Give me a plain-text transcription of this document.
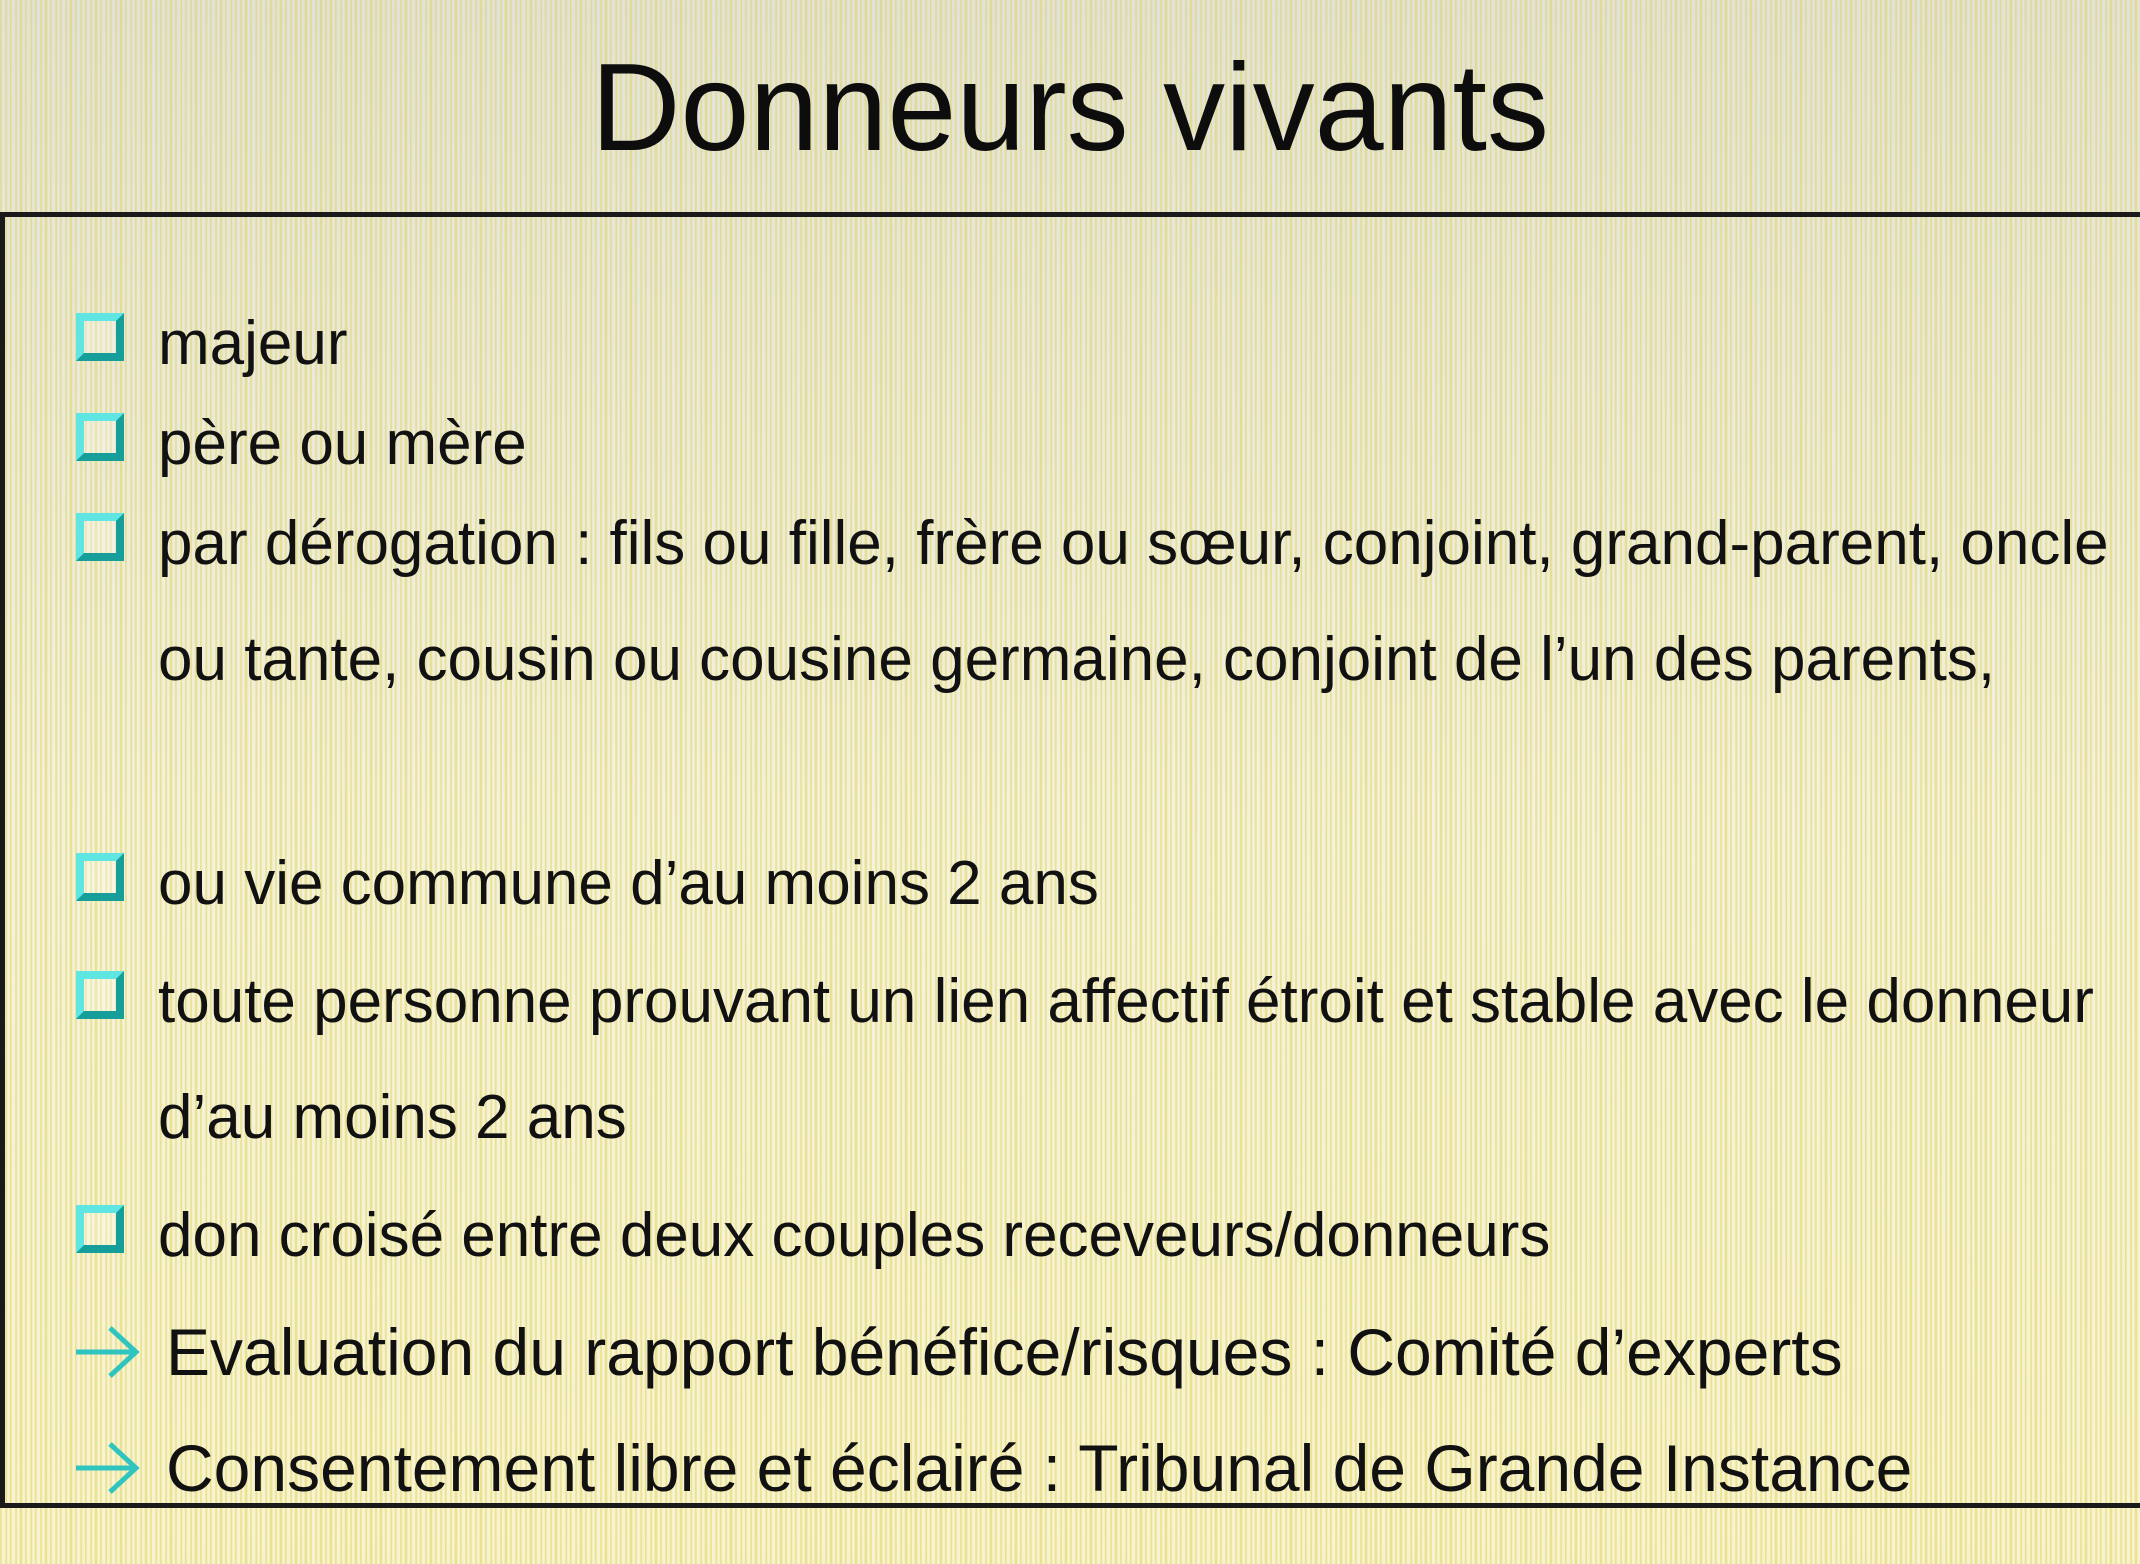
Donneurs vivants
majeur
père ou mère
par dérogation : fils ou fille, frère ou sœur, conjoint, grand-parent, oncle ou tante, cousin ou cousine germaine, conjoint de l’un des parents,
ou vie commune d’au moins 2 ans
toute personne prouvant un lien affectif étroit et stable avec le donneur d’au moins 2 ans
don croisé entre deux couples receveurs/donneurs
Evaluation du rapport bénéfice/risques : Comité d’experts
Consentement libre et éclairé : Tribunal de Grande Instance
